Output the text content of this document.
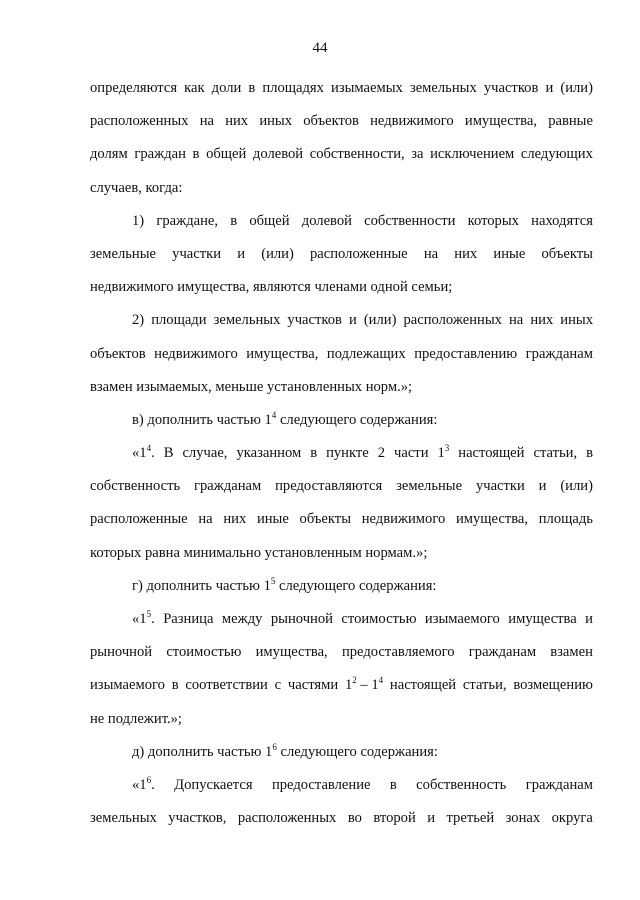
44
определяются как доли в площадях изымаемых земельных участков и (или)
расположенных на них иных объектов недвижимого имущества, равные
долям граждан в общей долевой собственности, за исключением следующих
случаев, когда:
1) граждане, в общей долевой собственности которых находятся
земельные участки и (или) расположенные на них иные объекты
недвижимого имущества, являются членами одной семьи;
2) площади земельных участков и (или) расположенных на них иных
объектов недвижимого имущества, подлежащих предоставлению гражданам
взамен изымаемых, меньше установленных норм.»;
в) дополнить частью $1^4$ следующего содержания:
«$1^4$. В случае, указанном в пункте 2 части $1^3$ настоящей статьи, в
собственность гражданам предоставляются земельные участки и (или)
расположенные на них иные объекты недвижимого имущества, площадь
которых равна минимально установленным нормам.»;
г) дополнить частью $1^5$ следующего содержания:
«$1^5$. Разница между рыночной стоимостью изымаемого имущества и
рыночной стоимостью имущества, предоставляемого гражданам взамен
изымаемого в соответствии с частями $1^2 - 1^4$ настоящей статьи, возмещению
не подлежит.»;
д) дополнить частью $1^6$ следующего содержания:
«$1^6$. Допускается предоставление в собственность гражданам
земельных участков, расположенных во второй и третьей зонах округа
